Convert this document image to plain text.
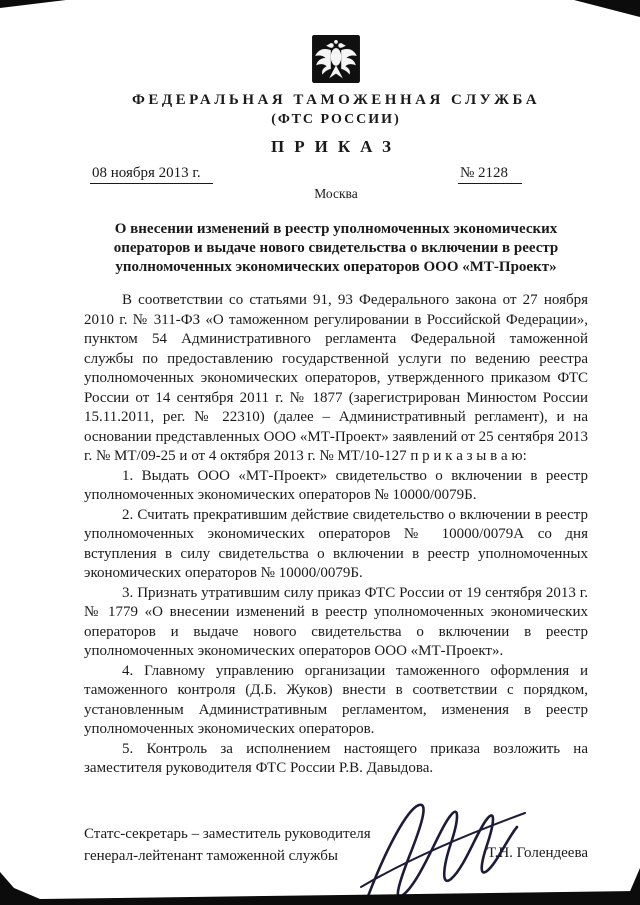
ФЕДЕРАЛЬНАЯ ТАМОЖЕННАЯ СЛУЖБА
(ФТС РОССИИ)
ПРИКАЗ
08 ноября 2013 г.	№ 2128
Москва
О внесении изменений в реестр уполномоченных экономических операторов и выдаче нового свидетельства о включении в реестр уполномоченных экономических операторов ООО «МТ-Проект»

В соответствии со статьями 91, 93 Федерального закона от 27 ноября 2010 г. № 311-ФЗ «О таможенном регулировании в Российской Федерации», пунктом 54 Административного регламента Федеральной таможенной службы по предоставлению государственной услуги по ведению реестра уполномоченных экономических операторов, утвержденного приказом ФТС России от 14 сентября 2011 г. № 1877 (зарегистрирован Минюстом России 15.11.2011, рег. № 22310) (далее – Административный регламент), и на основании представленных ООО «МТ-Проект» заявлений от 25 сентября 2013 г. № МТ/09-25 и от 4 октября 2013 г. № МТ/10-127 п р и к а з ы в а ю:

1. Выдать ООО «МТ-Проект» свидетельство о включении в реестр уполномоченных экономических операторов № 10000/0079Б.

2. Считать прекратившим действие свидетельство о включении в реестр уполномоченных экономических операторов № 10000/0079А со дня вступления в силу свидетельства о включении в реестр уполномоченных экономических операторов № 10000/0079Б.

3. Признать утратившим силу приказ ФТС России от 19 сентября 2013 г. № 1779 «О внесении изменений в реестр уполномоченных экономических операторов и выдаче нового свидетельства о включении в реестр уполномоченных экономических операторов ООО «МТ-Проект».

4. Главному управлению организации таможенного оформления и таможенного контроля (Д.Б. Жуков) внести в соответствии с порядком, установленным Административным регламентом, изменения в реестр уполномоченных экономических операторов.

5. Контроль за исполнением настоящего приказа возложить на заместителя руководителя ФТС России Р.В. Давыдова.

Статс-секретарь – заместитель руководителя
генерал-лейтенант таможенной службы	Т.Н. Голендеева
